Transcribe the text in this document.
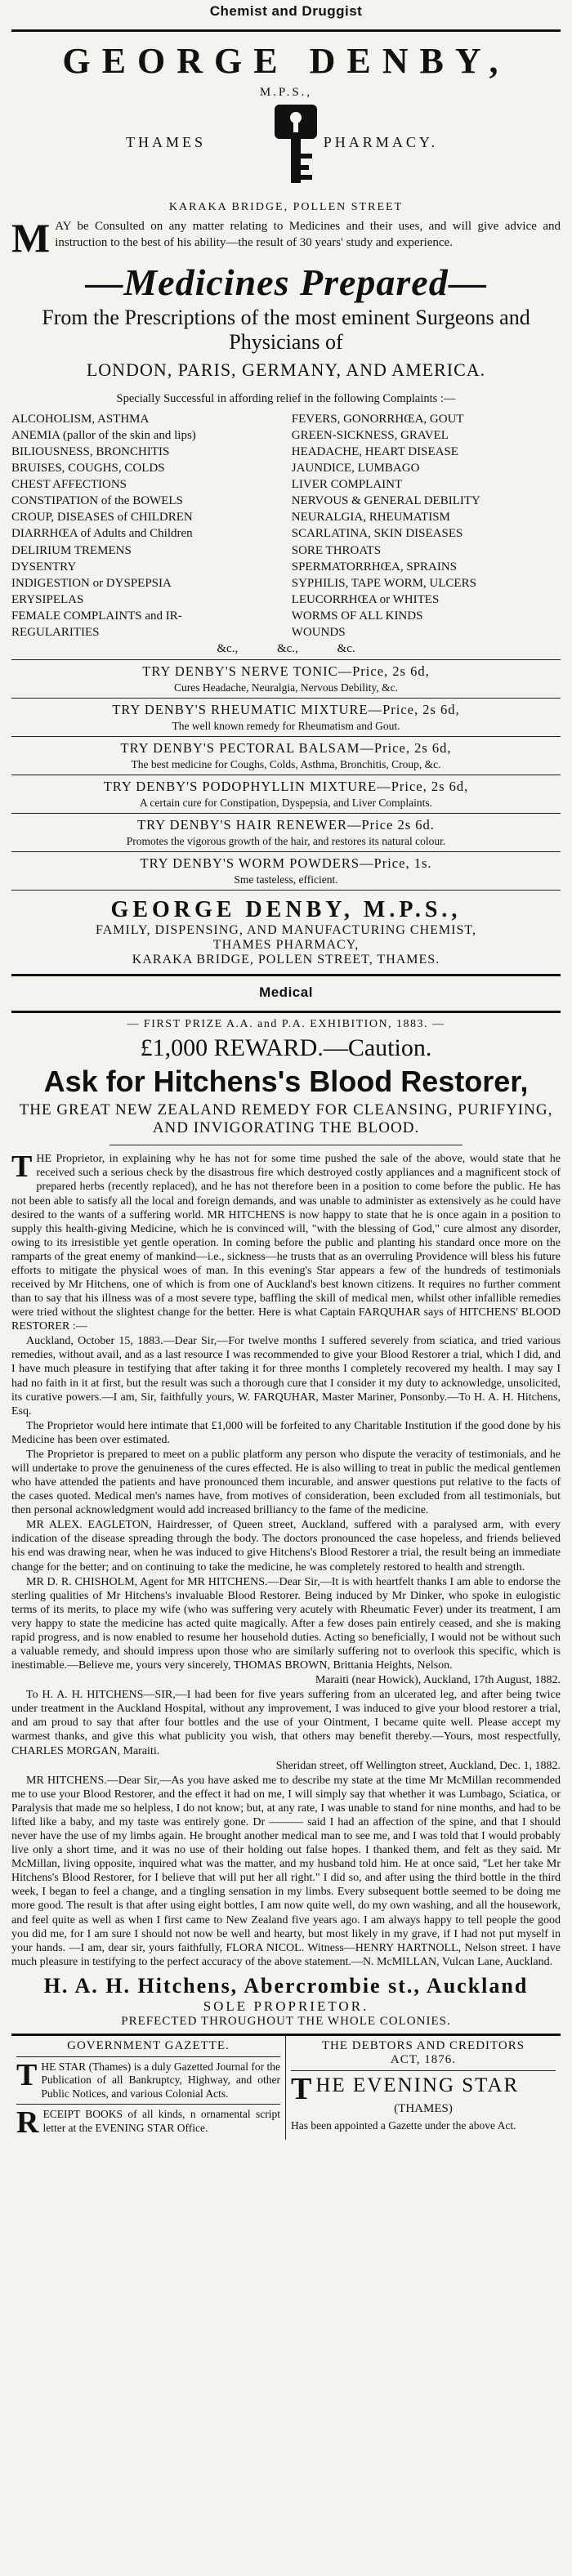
Chemist and Druggist
GEORGE DENBY,
M.P.S.,
THAMES	PHARMACY.
KARAKA BRIDGE, POLLEN STREET
M AY be Consulted on any matter relating to Medicines and their uses, and will give advice and instruction to the best of his ability—the result of 30 years' study and experience.
—Medicines Prepared—
From the Prescriptions of the most eminent Surgeons and Physicians of
LONDON, PARIS, GERMANY, AND AMERICA.
Specially Successful in affording relief in the following Complaints :—
ALCOHOLISM, ASTHMA
ANEMIA (pallor of the skin and lips)
BILIOUSNESS, BRONCHITIS
BRUISES, COUGHS, COLDS
CHEST AFFECTIONS
CONSTIPATION of the BOWELS
CROUP, DISEASES of CHILDREN
DIARRHŒA of Adults and Children
DELIRIUM TREMENS
DYSENTRY
INDIGESTION or DYSPEPSIA
ERYSIPELAS
FEMALE COMPLAINTS and IR-
REGULARITIES
FEVERS, GONORRHŒA, GOUT
GREEN-SICKNESS, GRAVEL
HEADACHE, HEART DISEASE
JAUNDICE, LUMBAGO
LIVER COMPLAINT
NERVOUS & GENERAL DEBILITY
NEURALGIA, RHEUMATISM
SCARLATINA, SKIN DISEASES
SORE THROATS
SPERMATORRHŒA, SPRAINS
SYPHILIS, TAPE WORM, ULCERS
LEUCORRHŒA or WHITES
WORMS OF ALL KINDS
WOUNDS
&c., &c., &c.
TRY DENBY'S NERVE TONIC—Price, 2s 6d,
Cures Headache, Neuralgia, Nervous Debility, &c.
TRY DENBY'S RHEUMATIC MIXTURE—Price, 2s 6d,
The well known remedy for Rheumatism and Gout.
TRY DENBY'S PECTORAL BALSAM—Price, 2s 6d,
The best medicine for Coughs, Colds, Asthma, Bronchitis, Croup, &c.
TRY DENBY'S PODOPHYLLIN MIXTURE—Price, 2s 6d,
A certain cure for Constipation, Dyspepsia, and Liver Complaints.
TRY DENBY'S HAIR RENEWER—Price 2s 6d.
Promotes the vigorous growth of the hair, and restores its natural colour.
TRY DENBY'S WORM POWDERS—Price, 1s.
Sme tasteless, efficient.
GEORGE DENBY, M.P.S.,
FAMILY, DISPENSING, AND MANUFACTURING CHEMIST,
THAMES PHARMACY,
KARAKA BRIDGE, POLLEN STREET, THAMES.
Medical
— FIRST PRIZE A.A. and P.A. EXHIBITION, 1883. —
£1,000 REWARD.—Caution.
Ask for Hitchens's Blood Restorer,
THE GREAT NEW ZEALAND REMEDY FOR CLEANSING, PURIFYING, AND INVIGORATING THE BLOOD.

THE Proprietor, in explaining why he has not for some time pushed the sale of the above, would state that he received such a serious check by the disastrous fire which destroyed costly appliances and a magnificent stock of prepared herbs (recently replaced), and he has not therefore been in a position to come before the public. He has not been able to satisfy all the local and foreign demands, and was unable to administer as extensively as he could have desired to the wants of a suffering world. MR HITCHENS is now happy to state that he is once again in a position to supply this health-giving Medicine, which he is convinced will, "with the blessing of God," cure almost any disorder, owing to its irresistible yet gentle operation. In coming before the public and planting his standard once more on the ramparts of the great enemy of mankind—i.e., sickness—he trusts that as an overruling Providence will bless his future efforts to mitigate the physical woes of man. In this evening's Star appears a few of the hundreds of testimonials received by Mr Hitchens, one of which is from one of Auckland's best known citizens. It requires no further comment than to say that his illness was of a most severe type, baffling the skill of medical men, whilst other infallible remedies were tried without the slightest change for the better. Here is what Captain FARQUHAR says of HITCHENS' BLOOD RESTORER :—

Auckland, October 15, 1883.—Dear Sir,—For twelve months I suffered severely from sciatica, and tried various remedies, without avail, and as a last resource I was recommended to give your Blood Restorer a trial, which I did, and I have much pleasure in testifying that after taking it for three months I completely recovered my health. I may say I had no faith in it at first, but the result was such a thorough cure that I consider it my duty to acknowledge, unsolicited, its curative powers.—I am, Sir, faithfully yours, W. FARQUHAR, Master Mariner, Ponsonby.—To H. A. H. Hitchens, Esq.

The Proprietor would here intimate that £1,000 will be forfeited to any Charitable Institution if the good done by his Medicine has been over estimated.

The Proprietor is prepared to meet on a public platform any person who dispute the veracity of testimonials, and he will undertake to prove the genuineness of the cures effected. He is also willing to treat in public the medical gentlemen who have attended the patients and have pronounced them incurable, and answer questions put relative to the facts of the cases quoted. Medical men's names have, from motives of consideration, been excluded from all testimonials, but then personal acknowledgment would add increased brilliancy to the fame of the medicine.

MR ALEX. EAGLETON, Hairdresser, of Queen street, Auckland, suffered with a paralysed arm, with every indication of the disease spreading through the body. The doctors pronounced the case hopeless, and friends believed his end was drawing near, when he was induced to give Hitchens's Blood Restorer a trial, the result being an immediate change for the better; and on continuing to take the medicine, he was completely restored to health and strength.

MR D. R. CHISHOLM, Agent for MR HITCHENS.—Dear Sir,—It is with heartfelt thanks I am able to endorse the sterling qualities of Mr Hitchens's invaluable Blood Restorer. Being induced by Mr Dinker, who spoke in eulogistic terms of its merits, to place my wife (who was suffering very acutely with Rheumatic Fever) under its treatment, I am very happy to state the medicine has acted quite magically. After a few doses pain entirely ceased, and she is making rapid progress, and is now enabled to resume her household duties. Acting so beneficially, I would not be without such a valuable remedy, and should impress upon those who are similarly suffering not to overlook this specific, which is inestimable.—Believe me, yours very sincerely, THOMAS BROWN, Brittania Heights, Nelson.

Maraiti (near Howick), Auckland, 17th August, 1882.

To H. A. H. HITCHENS—SIR,—I had been for five years suffering from an ulcerated leg, and after being twice under treatment in the Auckland Hospital, without any improvement, I was induced to give your blood restorer a trial, and am proud to say that after four bottles and the use of your Ointment, I became quite well. Please accept my warmest thanks, and give this what publicity you wish, that others may benefit thereby.—Yours, most respectfully, CHARLES MORGAN, Maraiti.

Sheridan street, off Wellington street, Auckland, Dec. 1, 1882.

MR HITCHENS.—Dear Sir,—As you have asked me to describe my state at the time Mr McMillan recommended me to use your Blood Restorer, and the effect it had on me, I will simply say that whether it was Lumbago, Sciatica, or Paralysis that made me so helpless, I do not know; but, at any rate, I was unable to stand for nine months, and had to be lifted like a baby, and my taste was entirely gone. Dr ——— said I had an affection of the spine, and that I should never have the use of my limbs again. He brought another medical man to see me, and I was told that I would probably live only a short time, and it was no use of their holding out false hopes. I thanked them, and felt as they said. Mr McMillan, living opposite, inquired what was the matter, and my husband told him. He at once said, "Let her take Mr Hitchens's Blood Restorer, for I believe that will put her all right." I did so, and after using the third bottle in the third week, I began to feel a change, and a tingling sensation in my limbs. Every subsequent bottle seemed to be doing me more good. The result is that after using eight bottles, I am now quite well, do my own washing, and all the housework, and feel quite as well as when I first came to New Zealand five years ago. I am always happy to tell people the good you did me, for I am sure I should not now be well and hearty, but most likely in my grave, if I had not put myself in your hands. —I am, dear sir, yours faithfully, FLORA NICOL. Witness—HENRY HARTNOLL, Nelson street. I have much pleasure in testifying to the perfect accuracy of the above statement.—N. McMILLAN, Vulcan Lane, Auckland.

H. A. H. Hitchens, Abercrombie st., Auckland
SOLE PROPRIETOR.
PREFECTED THROUGHOUT THE WHOLE COLONIES.
GOVERNMENT GAZETTE.
THE STAR (Thames) is a duly Gazetted Journal for the Publication of all Bankruptcy, Highway, and other Public Notices, and various Colonial Acts.
RECEIPT BOOKS of all kinds, n ornamental script letter at the EVENING STAR Office.
THE DEBTORS AND CREDITORS
ACT, 1876.
THE EVENING STAR
(THAMES)
Has been appointed a Gazette under the above Act.
